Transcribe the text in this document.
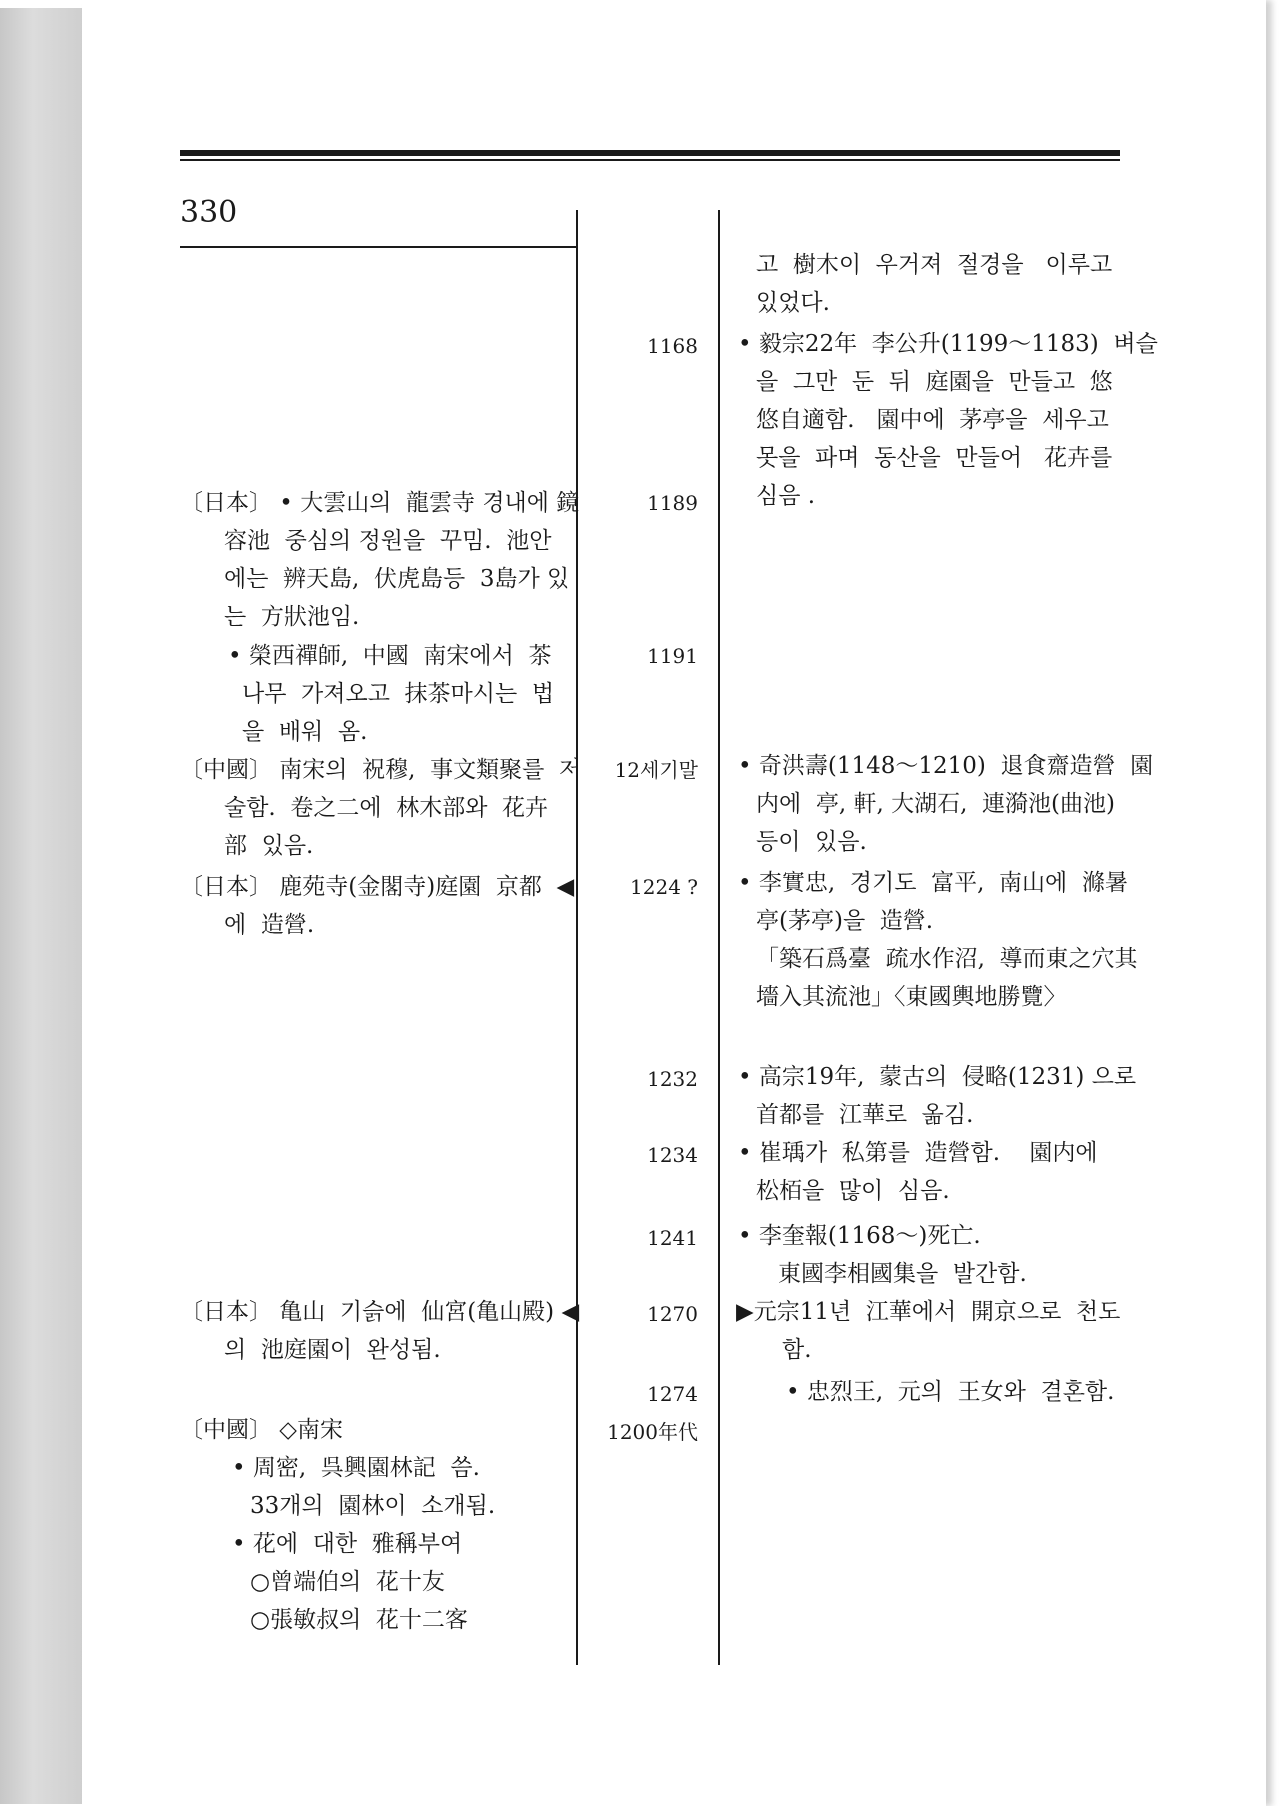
330
〔日本〕 • 大雲山의  龍雲寺 경내에 鏡
容池  중심의 정원을  꾸밈.  池안
에는  辨天島,  伏虎島등  3島가 있
는  方狀池임.
• 榮西禪師,  中國  南宋에서  茶
나무  가져오고  抹茶마시는  법
을  배워  옴.
〔中國〕 南宋의  祝穆,  事文類聚를  저
술함.  卷之二에  林木部와  花卉
部  있음.
〔日本〕 鹿苑寺(金閣寺)庭園  京都  ◀
에  造營.
〔日本〕 亀山  기슭에  仙宮(亀山殿) ◀
의  池庭園이  완성됨.
〔中國〕 ◇南宋
• 周密,  呉興園林記  씀.
33개의  園林이  소개됨.
• 花에  대한  雅稱부여
○曾端伯의  花十友
○張敏叔의  花十二客
1168
1189
1191
12세기말
1224 ?
1232
1234
1241
1270
1274
1200年代
고  樹木이  우거져  절경을   이루고
있었다.
• 毅宗22年  李公升(1199～1183)  벼슬
을  그만  둔  뒤  庭園을  만들고  悠
悠自適함.   園中에  茅亭을  세우고
못을  파며  동산을  만들어   花卉를
심음 .
• 奇洪壽(1148～1210)  退食齋造營  園
内에  亭, 軒, 大湖石,  連漪池(曲池)
등이  있음.
• 李實忠,  경기도  富平,  南山에  滌暑
亭(茅亭)을  造營.
「築石爲臺  疏水作沼,  導而東之穴其
墻入其流池」〈東國輿地勝覽〉
• 高宗19年,  蒙古의  侵略(1231) 으로
首都를  江華로  옮김.
• 崔瑀가  私第를  造營함.    園内에
松栢을  많이  심음.
• 李奎報(1168～)死亡.
東國李相國集을  발간함.
▶元宗11년  江華에서  開京으로  천도
함.
• 忠烈王,  元의  王女와  결혼함.
